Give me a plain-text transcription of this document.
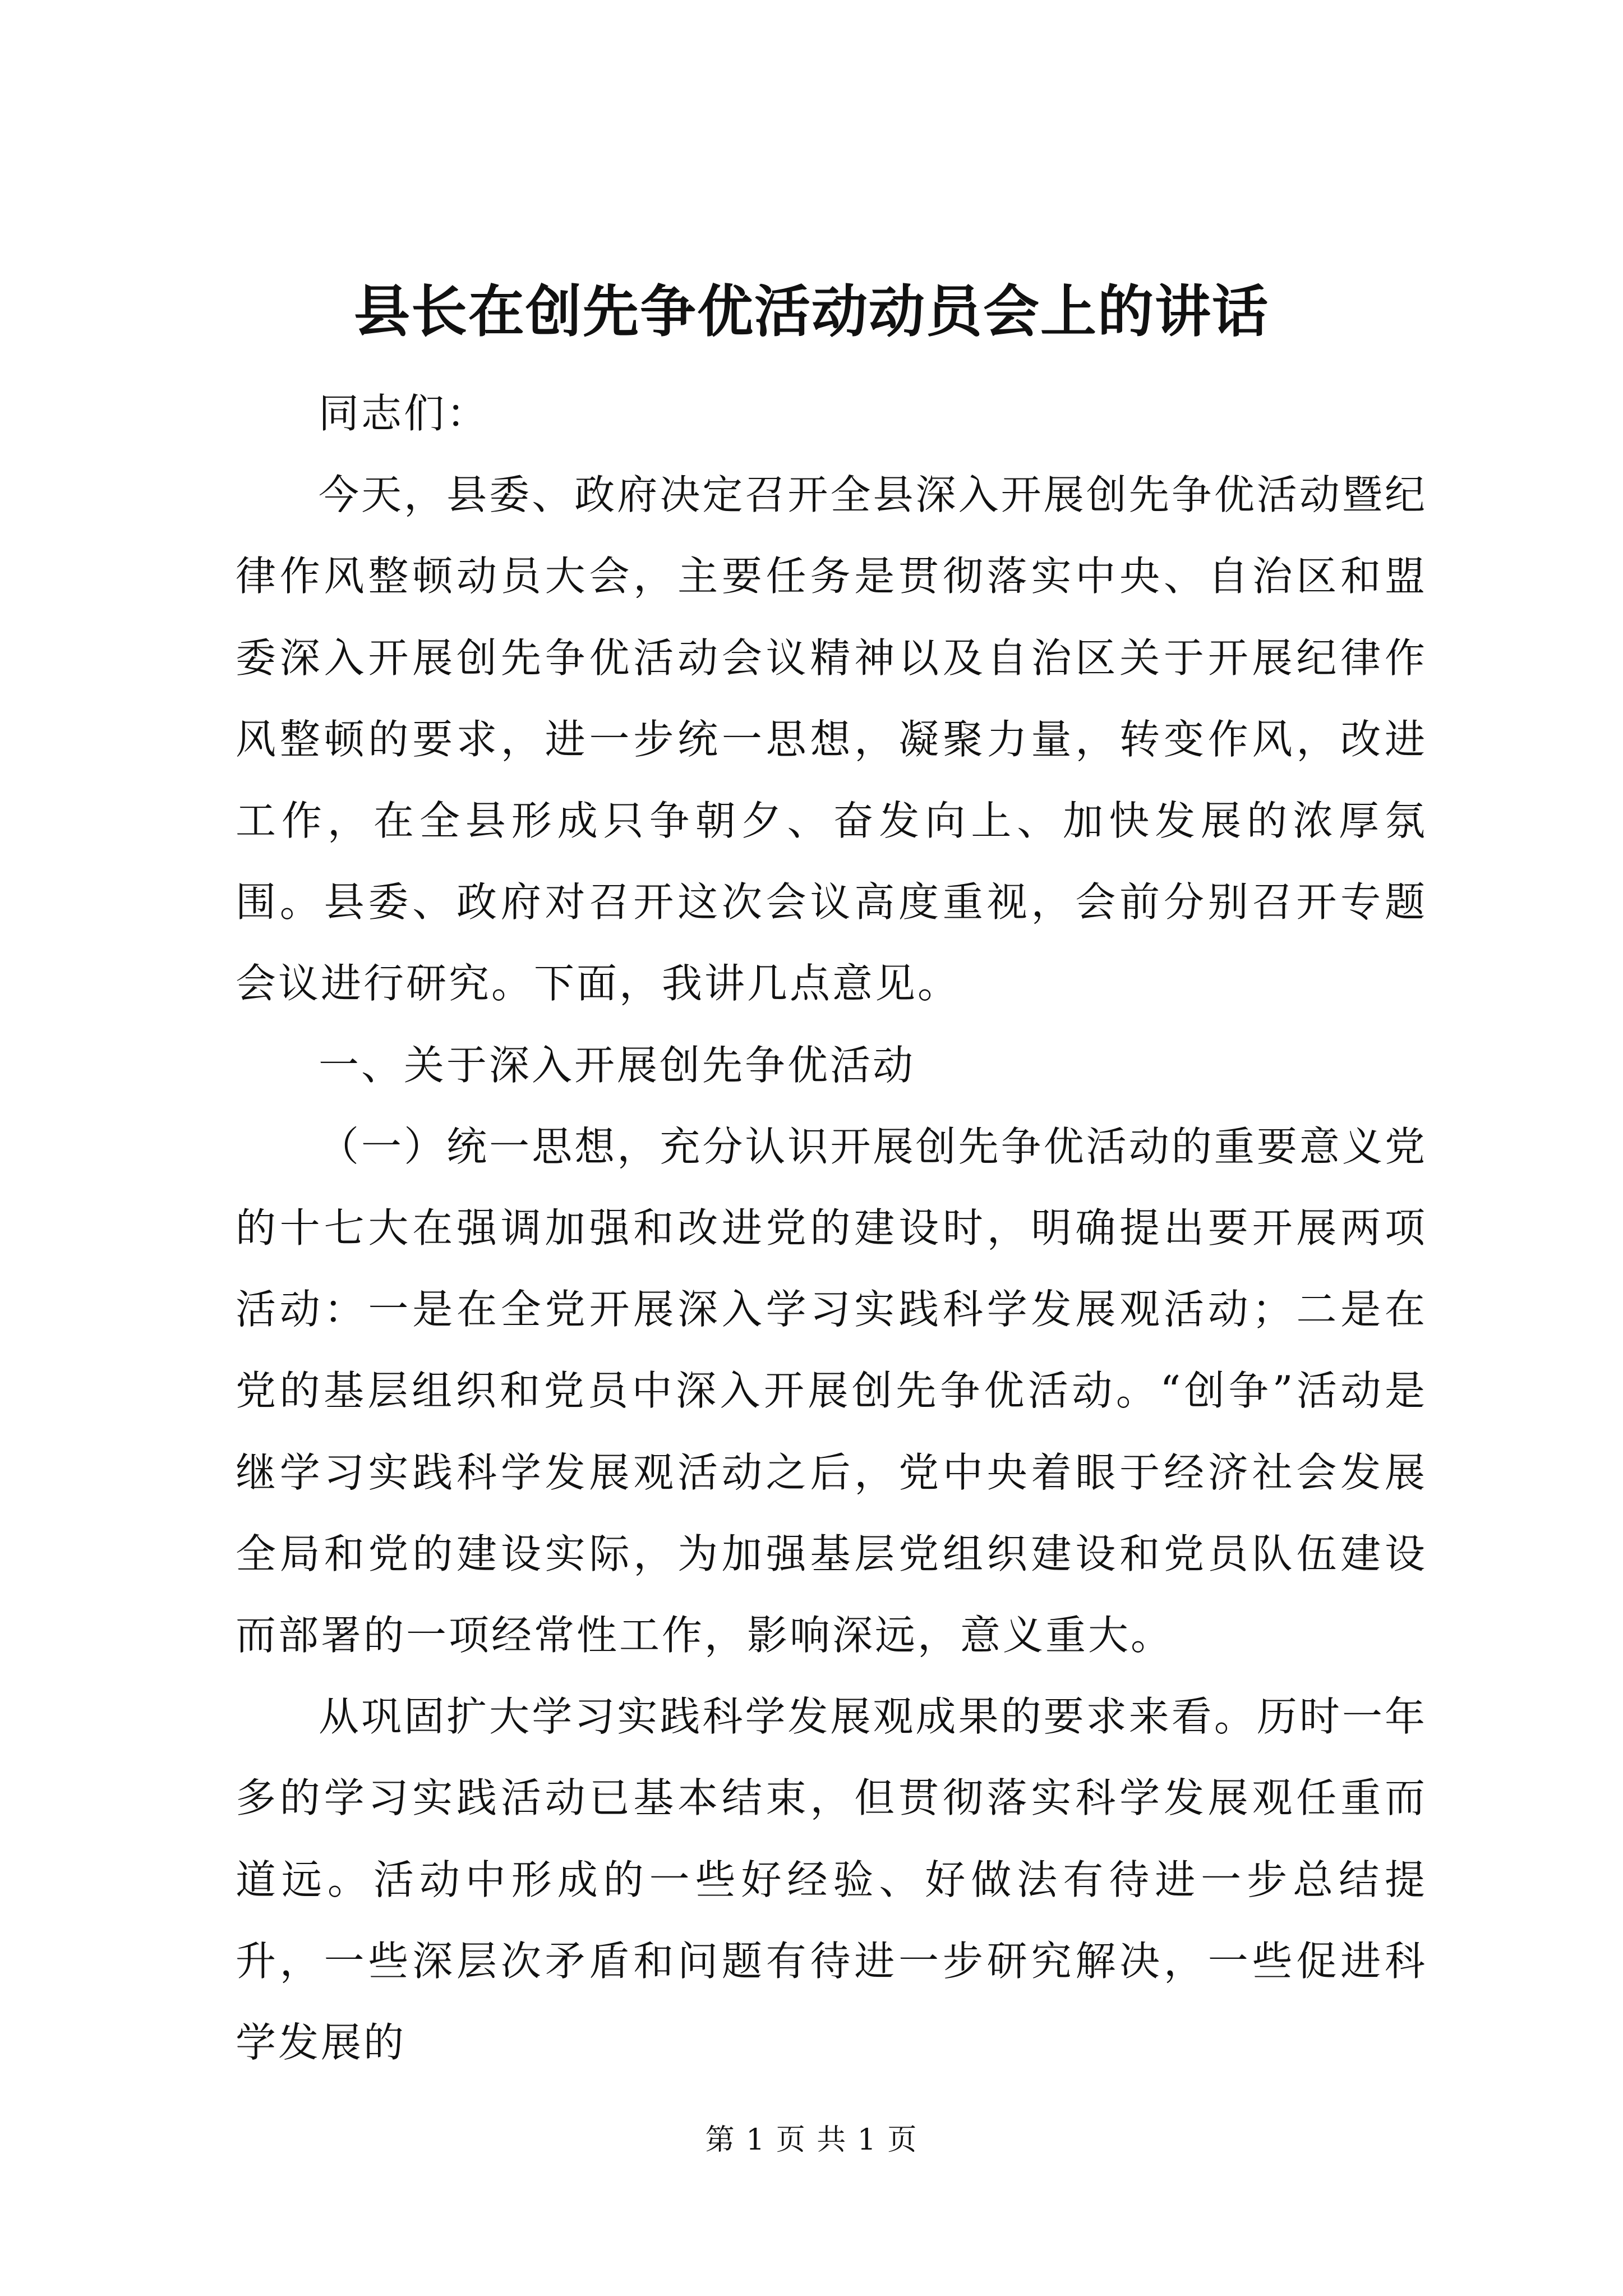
县长在创先争优活动动员会上的讲话

同志们：

今天，县委、政府决定召开全县深入开展创先争优活动暨纪律作风整顿动员大会，主要任务是贯彻落实中央、自治区和盟委深入开展创先争优活动会议精神以及自治区关于开展纪律作风整顿的要求，进一步统一思想，凝聚力量，转变作风，改进工作，在全县形成只争朝夕、奋发向上、加快发展的浓厚氛围。县委、政府对召开这次会议高度重视，会前分别召开专题会议进行研究。下面，我讲几点意见。

一、关于深入开展创先争优活动

（一）统一思想，充分认识开展创先争优活动的重要意义党的十七大在强调加强和改进党的建设时，明确提出要开展两项活动：一是在全党开展深入学习实践科学发展观活动；二是在党的基层组织和党员中深入开展创先争优活动。“创争”活动是继学习实践科学发展观活动之后，党中央着眼于经济社会发展全局和党的建设实际，为加强基层党组织建设和党员队伍建设而部署的一项经常性工作，影响深远，意义重大。

从巩固扩大学习实践科学发展观成果的要求来看。历时一年多的学习实践活动已基本结束，但贯彻落实科学发展观任重而道远。活动中形成的一些好经验、好做法有待进一步总结提升，一些深层次矛盾和问题有待进一步研究解决，一些促进科学发展的

第 1 页 共 1 页
